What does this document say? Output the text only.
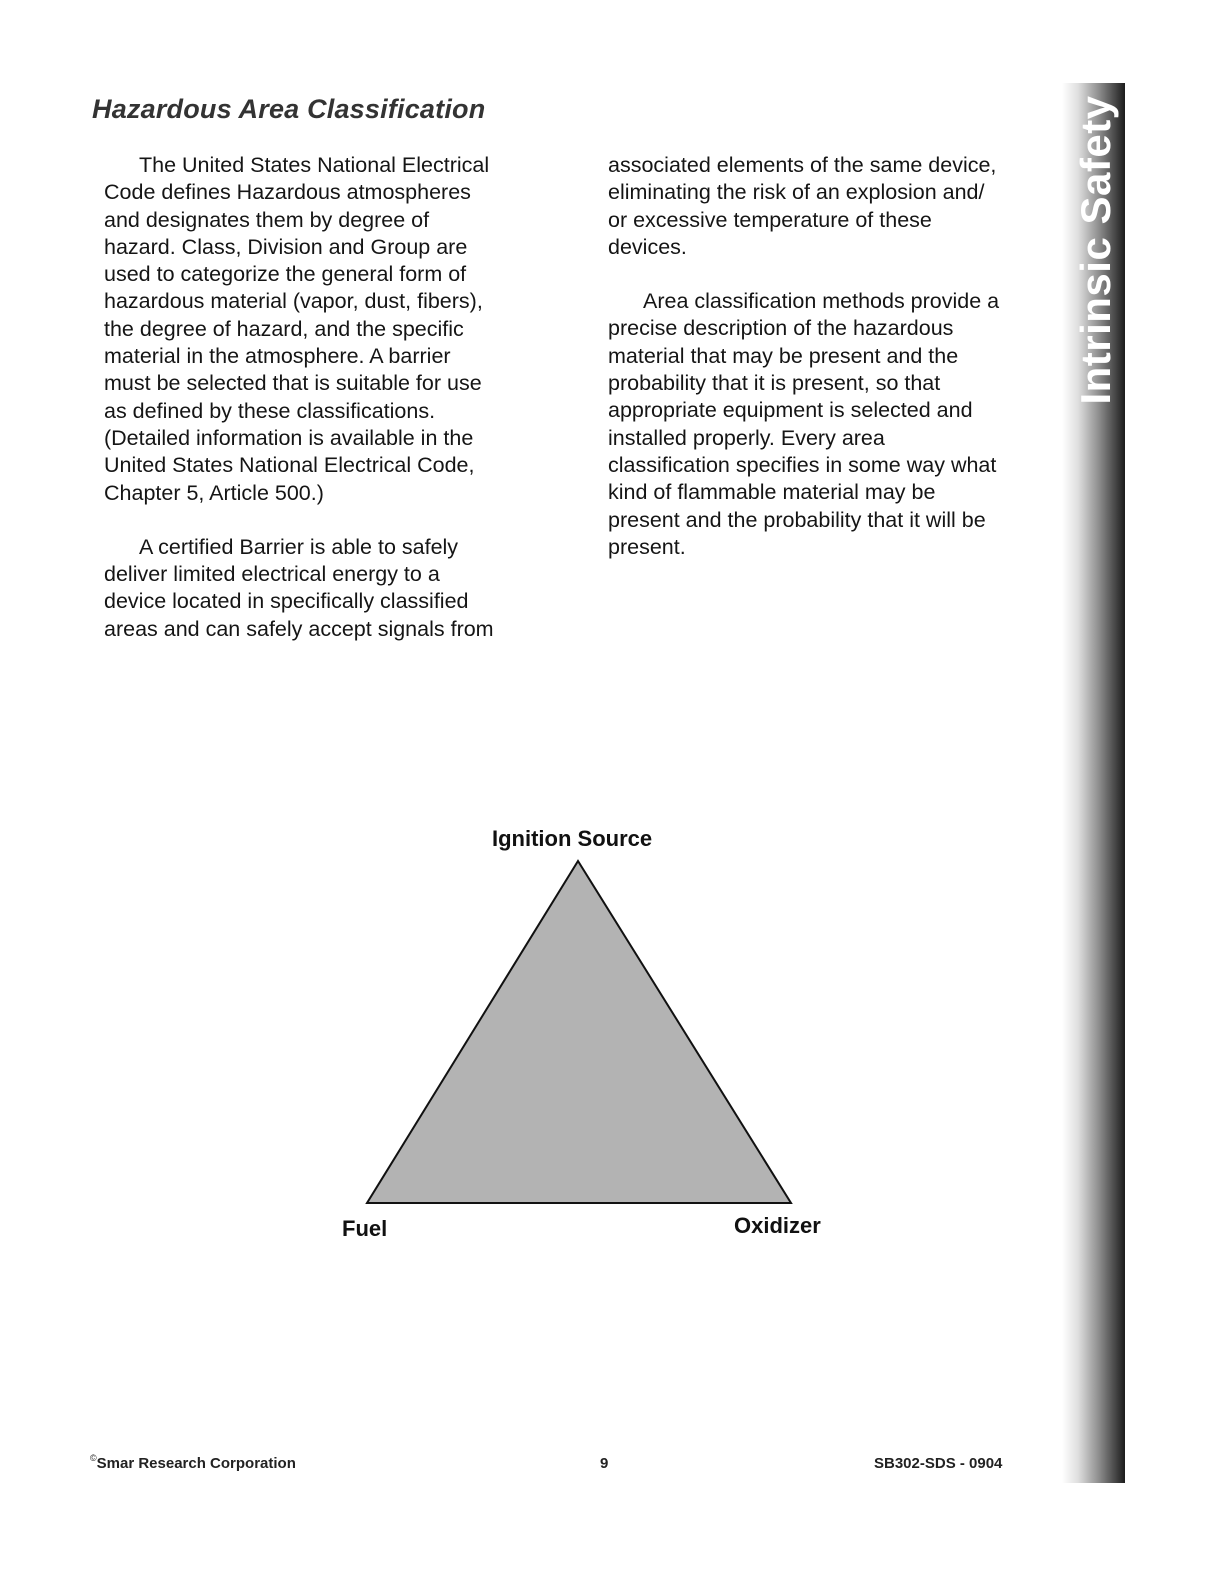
Hazardous Area Classification

The United States National Electrical
Code defines Hazardous atmospheres
and designates them by degree of
hazard. Class, Division and Group are
used to categorize the general form of
hazardous material (vapor, dust, fibers),
the degree of hazard, and the specific
material in the atmosphere. A barrier
must be selected that is suitable for use
as defined by these classifications.
(Detailed information is available in the
United States National Electrical Code,
Chapter 5, Article 500.)

A certified Barrier is able to safely
deliver limited electrical energy to a
device located in specifically classified
areas and can safely accept signals from

associated elements of the same device,
eliminating the risk of an explosion and/
or excessive temperature of these
devices.

Area classification methods provide a
precise description of the hazardous
material that may be present and the
probability that it is present, so that
appropriate equipment is selected and
installed properly. Every area
classification specifies in some way what
kind of flammable material may be
present and the probability that it will be
present.

Intrinsic Safety
Ignition Source
Fuel	Oxidizer
©Smar Research Corporation	9	SB302-SDS - 0904
